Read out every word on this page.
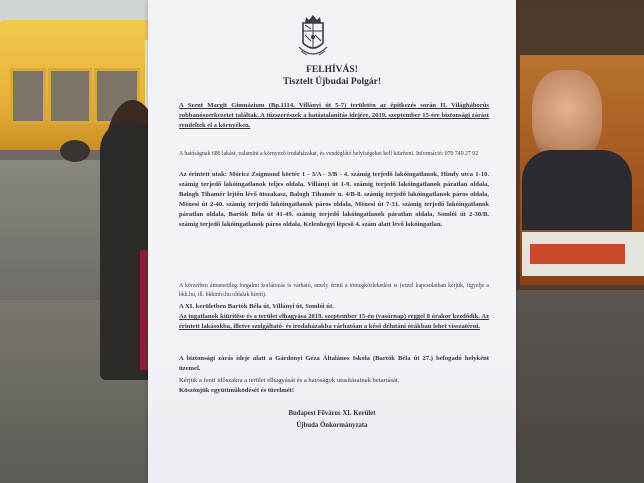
FELHÍVÁS!
Tisztelt Újbudai Polgár!

A Szent Margit Gimnázium (Bp.1114. Villányi út 5-7) területén az építkezés során II. Világháborús robbanószerkezetet találtak. A tűzszerészek a hatástalanítás idejére, 2019. szeptember 15-ére biztonsági zárást rendeltek el a környéken.

A hatóságnak 686 lakást, valamint a környező irodaházakat, és vendéglátó helyiségeket kell kiüríteni. Információ: 070 749 27 92

Az érintett utak: Móricz Zsigmond körtér 1 - 3/A - 3/B - 4. számig terjedő lakóingatlanok, Himfy utca 1-10. számig terjedő lakóingatlanok teljes oldala, Villányi út 1-9. számig terjedő lakóingatlanok páratlan oldala, Balogh Tihamér lejtőn lévő ötszakasz, Balogh Tihamér u. 4/B-8. számig terjedő lakóingatlanok páros oldala, Ménesi út 2-40. számig terjedő lakóingatlanok páros oldala, Ménesi út 7-31. számig terjedő lakóingatlanok páratlan oldala, Bartók Béla út 41-49. számig terjedő lakóingatlanok páratlan oldala, Somlói út 2-30/B. számig terjedő lakóingatlanok páros oldala, Kelenhegyi lépcső 4. szám alatt lévő lakóingatlan.

A körzetben átmenetileg forgalmi korlátozás is várható, amely érinti a tömegközlekedést is (ezzel kapcsolatban kérjük, figyelje a bkk.hu, ill. bkkinfo.hu oldalak híreit).

A XI. kerületben Bartók Béla út, Villányi út, Somlói út.

Az ingatlanok kiürítése és a terület elhagyása 2019. szeptember 15-én (vasárnap) reggel 8 órakor kezdődik. Az érintett lakásokba, illetve szolgáltató- és irodaházakba várhatóan a késő délutáni órákban lehet visszatérni.

A biztonsági zárás ideje alatt a Gárdonyi Géza Általános Iskola (Bartók Béla út 27.) befogadó helyként üzemel.

Kérjük a fenti időszakra a terület elhagyását és a hatóságok utasításainak betartását.

Köszönjük együttműködését és türelmét!

Budapest Főváros XI. Kerület
Újbuda Önkormányzata
